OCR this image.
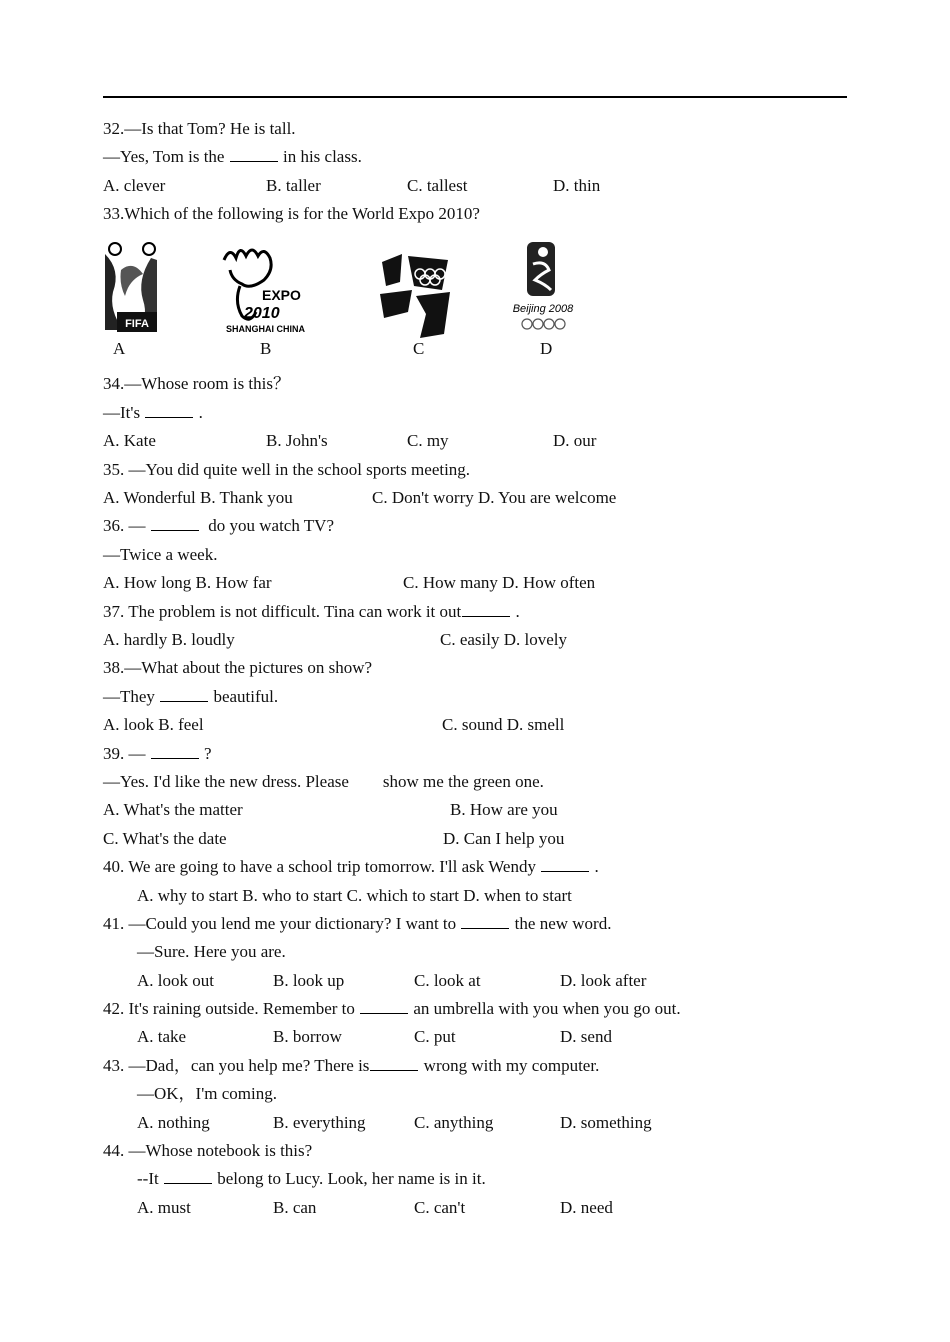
32.—Is that Tom? He is tall.
—Yes, Tom is the	in his class.
A. clever	B. taller	C. tallest	D. thin
33.Which of the following is for the World Expo 2010?
FIFA
A
EXPO
2010
SHANGHAI CHINA
B	C
Beijing 2008
D
34.—Whose room is this？
—It's	.
A. Kate	B. John's	C. my	D. our
35. —You did quite well in the school sports meeting.
A. Wonderful B. Thank you	C. Don't worry D. You are welcome
36. —	do you watch TV?
—Twice a week.
A. How long B. How far	C. How many D. How often
37. The problem is not difficult. Tina can work it out	.
A. hardly B. loudly	C. easily D. lovely
38.—What about the pictures on show?
—They	beautiful.
A. look B. feel	C. sound D. smell
39. —	?
—Yes. I'd like the new dress. Please        show me the green one.
A. What's the matter	B. How are you
C. What's the date	D. Can I help you
40. We are going to have a school trip tomorrow. I'll ask Wendy	.
A. why to start B. who to start C. which to start D. when to start
41. —Could you lend me your dictionary? I want to	the new word.
—Sure. Here you are.
A. look out	B. look up	C. look at	D. look after
42. It's raining outside. Remember to	an umbrella with you when you go out.
A. take	B. borrow	C. put	D. send
43. —Dad，can you help me? There is	wrong with my computer.
—OK，I'm coming.
A. nothing	B. everything	C. anything	D. something
44. —Whose notebook is this?
--It	belong to Lucy. Look, her name is in it.
A. must	B. can	C. can't	D. need
